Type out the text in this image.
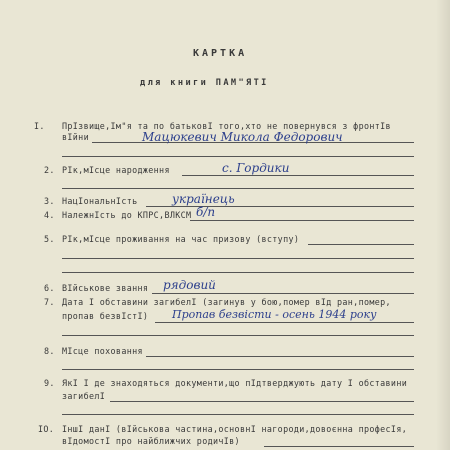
КАРТКА
для книги ПАМ"ЯТІ
I. ПрІзвище,Ім"я та по батьковІ того,хто не повернувся з фронтІв
вІйни	Мацюкевич Микола Федорович
2. РІк,мІсце народження	с. Гордики
3. НацІональнІсть	українець
4. НалежнІсть до КПРС,ВЛКСМ б/п
5. РІк,мІсце проживання на час призову (вступу)
6. ВІйськове звання рядовий
7. Дата І обставини загибелІ (загинув у бою,помер вІд ран,помер,
пропав безвІстІ) Пропав безвісти - осень 1944 року
8. МІсце поховання
9. ЯкІ І де знаходяться документи,що пІдтверджують дату І обставини
загибелІ
IO. ІншІ данІ (вІйськова частина,основнІ нагороди,довоєнна професІя,
вІдомостІ про найближчих родичІв)
